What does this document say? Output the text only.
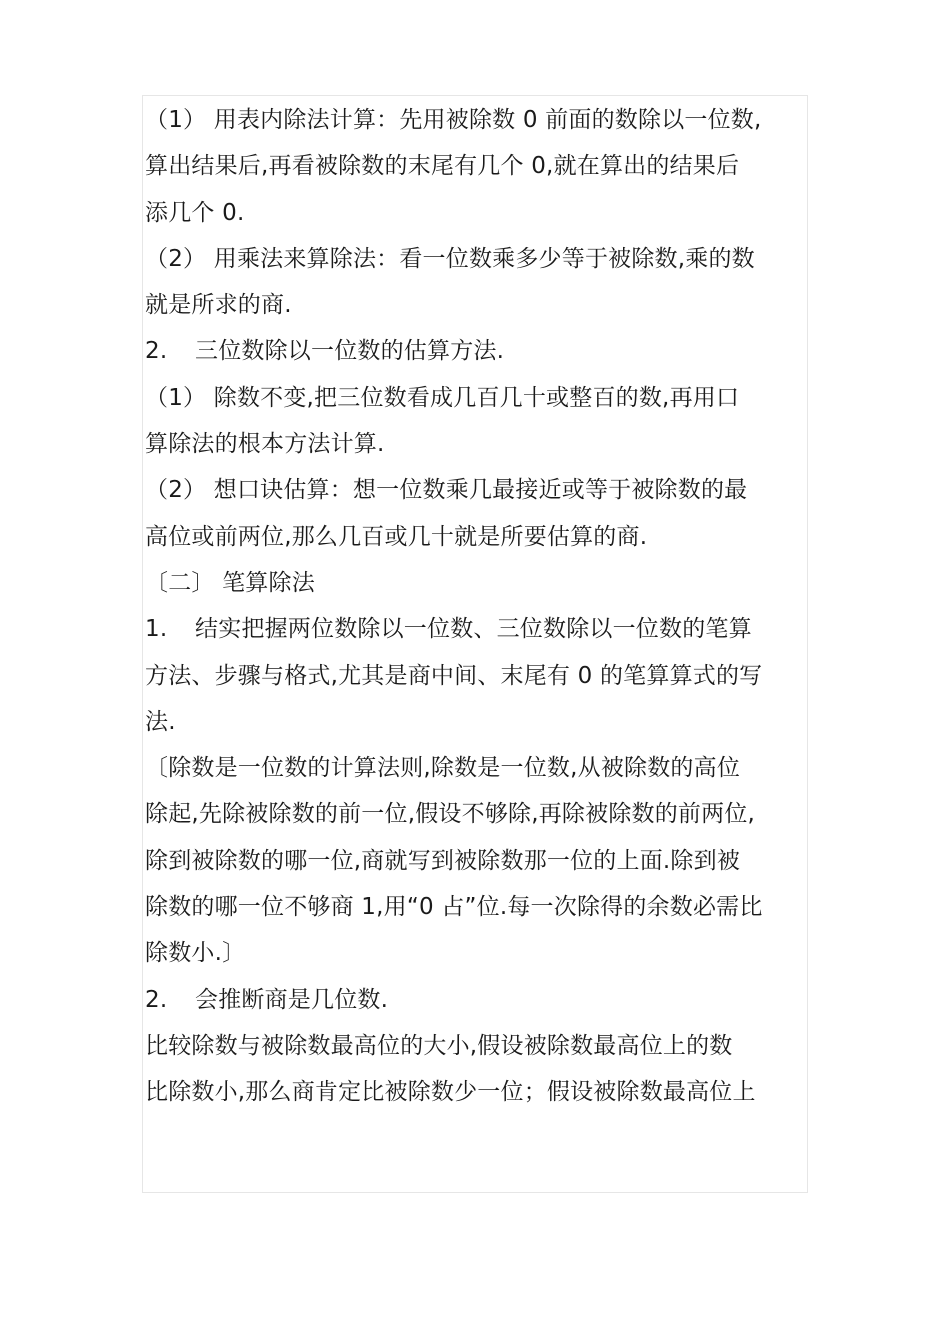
（1） 用表内除法计算：先用被除数 0 前面的数除以一位数,
算出结果后,再看被除数的末尾有几个 0,就在算出的结果后
添几个 0.
（2） 用乘法来算除法：看一位数乘多少等于被除数,乘的数
就是所求的商.
2. 三位数除以一位数的估算方法.
（1） 除数不变,把三位数看成几百几十或整百的数,再用口
算除法的根本方法计算.
（2） 想口诀估算：想一位数乘几最接近或等于被除数的最
高位或前两位,那么几百或几十就是所要估算的商.
〔二〕 笔算除法
1. 结实把握两位数除以一位数、三位数除以一位数的笔算
方法、步骤与格式,尤其是商中间、末尾有 0 的笔算算式的写
法.
〔除数是一位数的计算法则,除数是一位数,从被除数的高位
除起,先除被除数的前一位,假设不够除,再除被除数的前两位,
除到被除数的哪一位,商就写到被除数那一位的上面.除到被
除数的哪一位不够商 1,用“0 占”位.每一次除得的余数必需比
除数小.〕
2. 会推断商是几位数.
比较除数与被除数最高位的大小,假设被除数最高位上的数
比除数小,那么商肯定比被除数少一位；假设被除数最高位上
